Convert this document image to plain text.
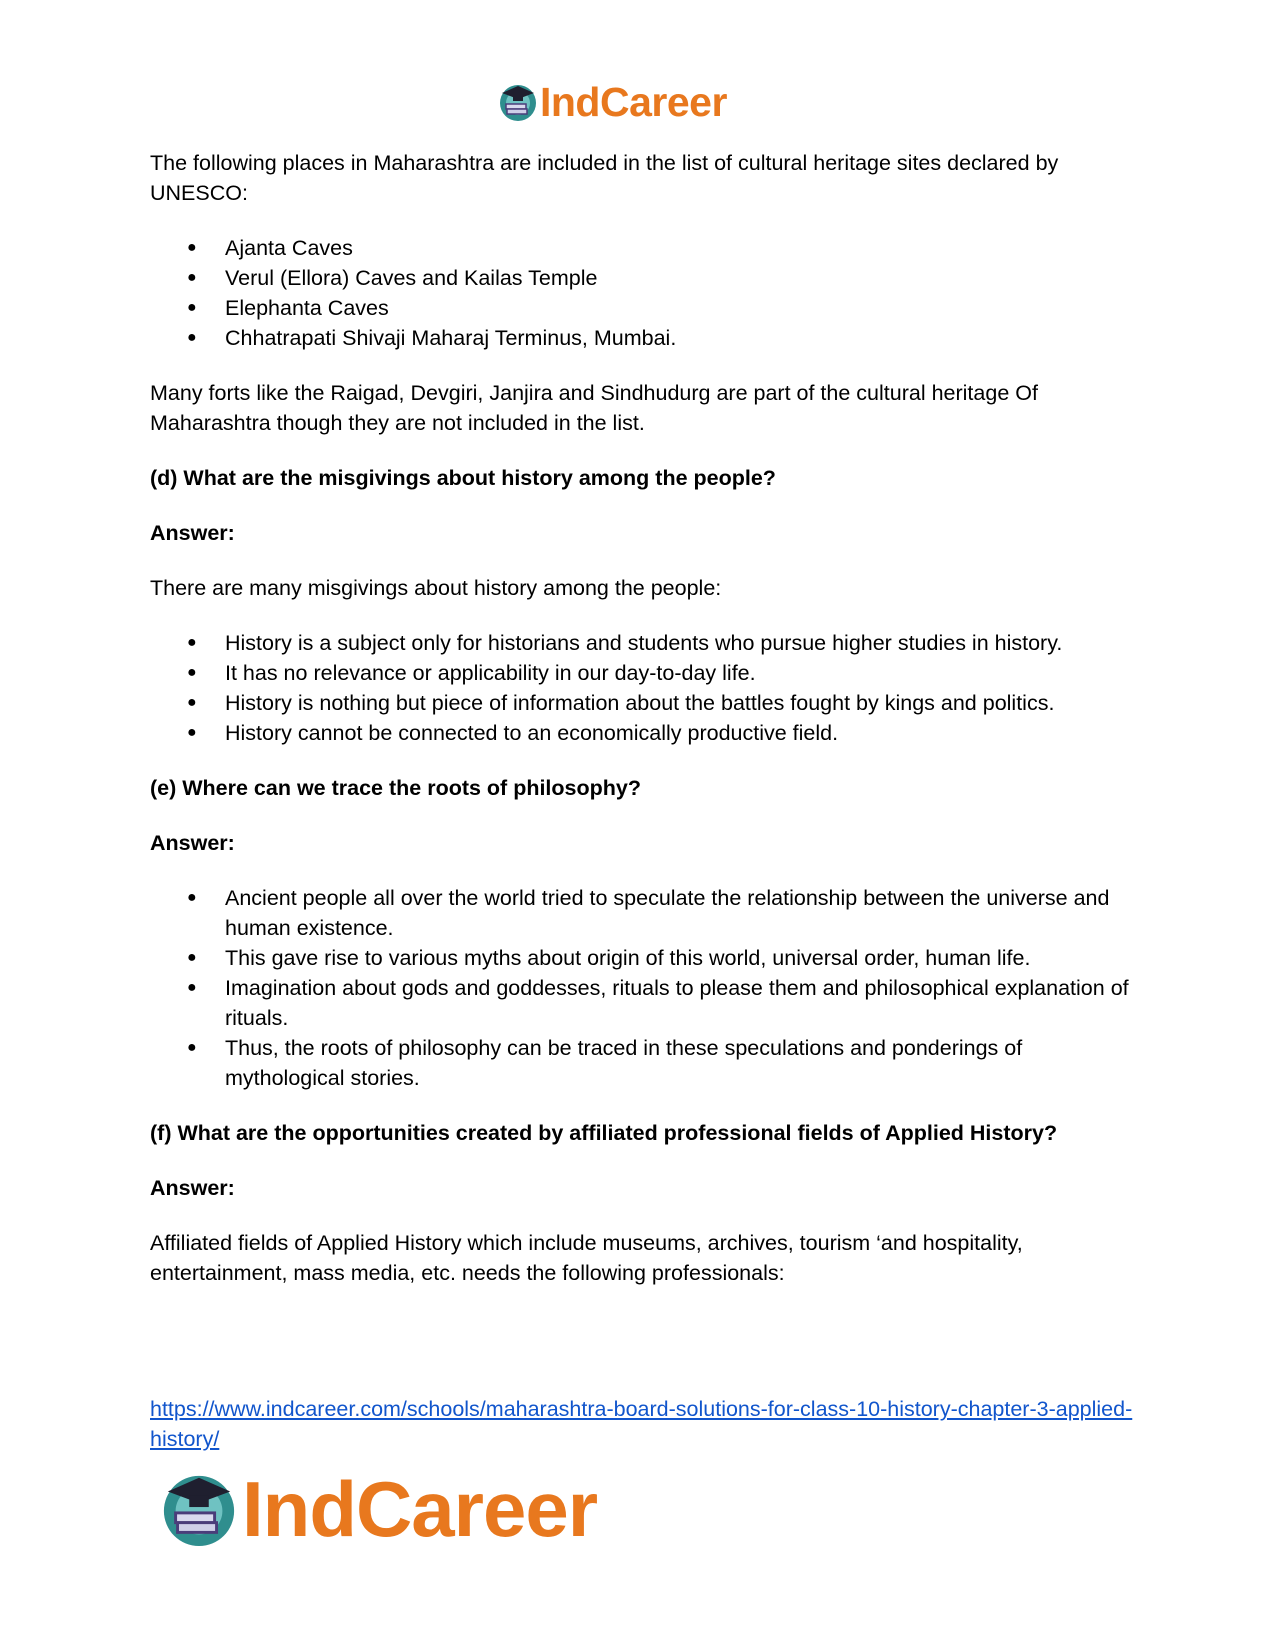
IndCareer

The following places in Maharashtra are included in the list of cultural heritage sites declared by UNESCO:

● Ajanta Caves
● Verul (Ellora) Caves and Kailas Temple
● Elephanta Caves
● Chhatrapati Shivaji Maharaj Terminus, Mumbai.

Many forts like the Raigad, Devgiri, Janjira and Sindhudurg are part of the cultural heritage Of Maharashtra though they are not included in the list.

(d) What are the misgivings about history among the people?

Answer:

There are many misgivings about history among the people:

● History is a subject only for historians and students who pursue higher studies in history.
● It has no relevance or applicability in our day-to-day life.
● History is nothing but piece of information about the battles fought by kings and politics.
● History cannot be connected to an economically productive field.

(e) Where can we trace the roots of philosophy?

Answer:

● Ancient people all over the world tried to speculate the relationship between the universe and human existence.
● This gave rise to various myths about origin of this world, universal order, human life.
● Imagination about gods and goddesses, rituals to please them and philosophical explanation of rituals.
● Thus, the roots of philosophy can be traced in these speculations and ponderings of mythological stories.

(f) What are the opportunities created by affiliated professional fields of Applied History?

Answer:

Affiliated fields of Applied History which include museums, archives, tourism ‘and hospitality, entertainment, mass media, etc. needs the following professionals:

https://www.indcareer.com/schools/maharashtra-board-solutions-for-class-10-history-chapter-3-applied-history/
IndCareer
